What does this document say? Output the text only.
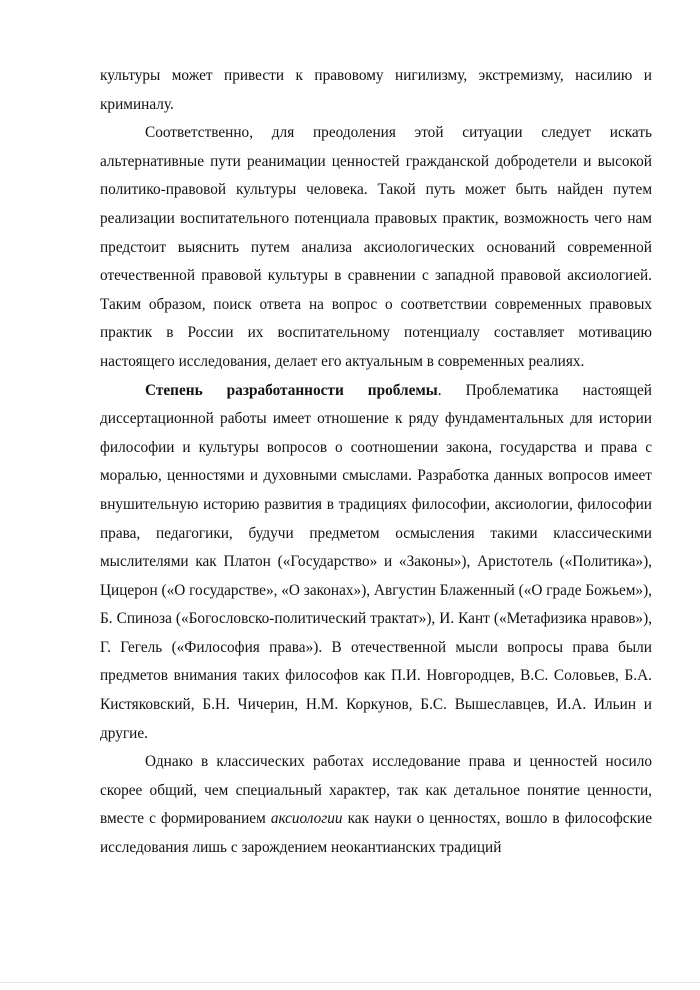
культуры может привести к правовому нигилизму, экстремизму, насилию и криминалу.

Соответственно, для преодоления этой ситуации следует искать альтернативные пути реанимации ценностей гражданской добродетели и высокой политико-правовой культуры человека. Такой путь может быть найден путем реализации воспитательного потенциала правовых практик, возможность чего нам предстоит выяснить путем анализа аксиологических оснований современной отечественной правовой культуры в сравнении с западной правовой аксиологией. Таким образом, поиск ответа на вопрос о соответствии современных правовых практик в России их воспитательному потенциалу составляет мотивацию настоящего исследования, делает его актуальным в современных реалиях.

Степень разработанности проблемы. Проблематика настоящей диссертационной работы имеет отношение к ряду фундаментальных для истории философии и культуры вопросов о соотношении закона, государства и права с моралью, ценностями и духовными смыслами. Разработка данных вопросов имеет внушительную историю развития в традициях философии, аксиологии, философии права, педагогики, будучи предметом осмысления такими классическими мыслителями как Платон («Государство» и «Законы»), Аристотель («Политика»), Цицерон («О государстве», «О законах»), Августин Блаженный («О граде Божьем»), Б. Спиноза («Богословско-политический трактат»), И. Кант («Метафизика нравов»), Г. Гегель («Философия права»). В отечественной мысли вопросы права были предметов внимания таких философов как П.И. Новгородцев, В.С. Соловьев, Б.А. Кистяковский, Б.Н. Чичерин, Н.М. Коркунов, Б.С. Вышеславцев, И.А. Ильин и другие.

Однако в классических работах исследование права и ценностей носило скорее общий, чем специальный характер, так как детальное понятие ценности, вместе с формированием аксиологии как науки о ценностях, вошло в философские исследования лишь с зарождением неокантианских традиций
